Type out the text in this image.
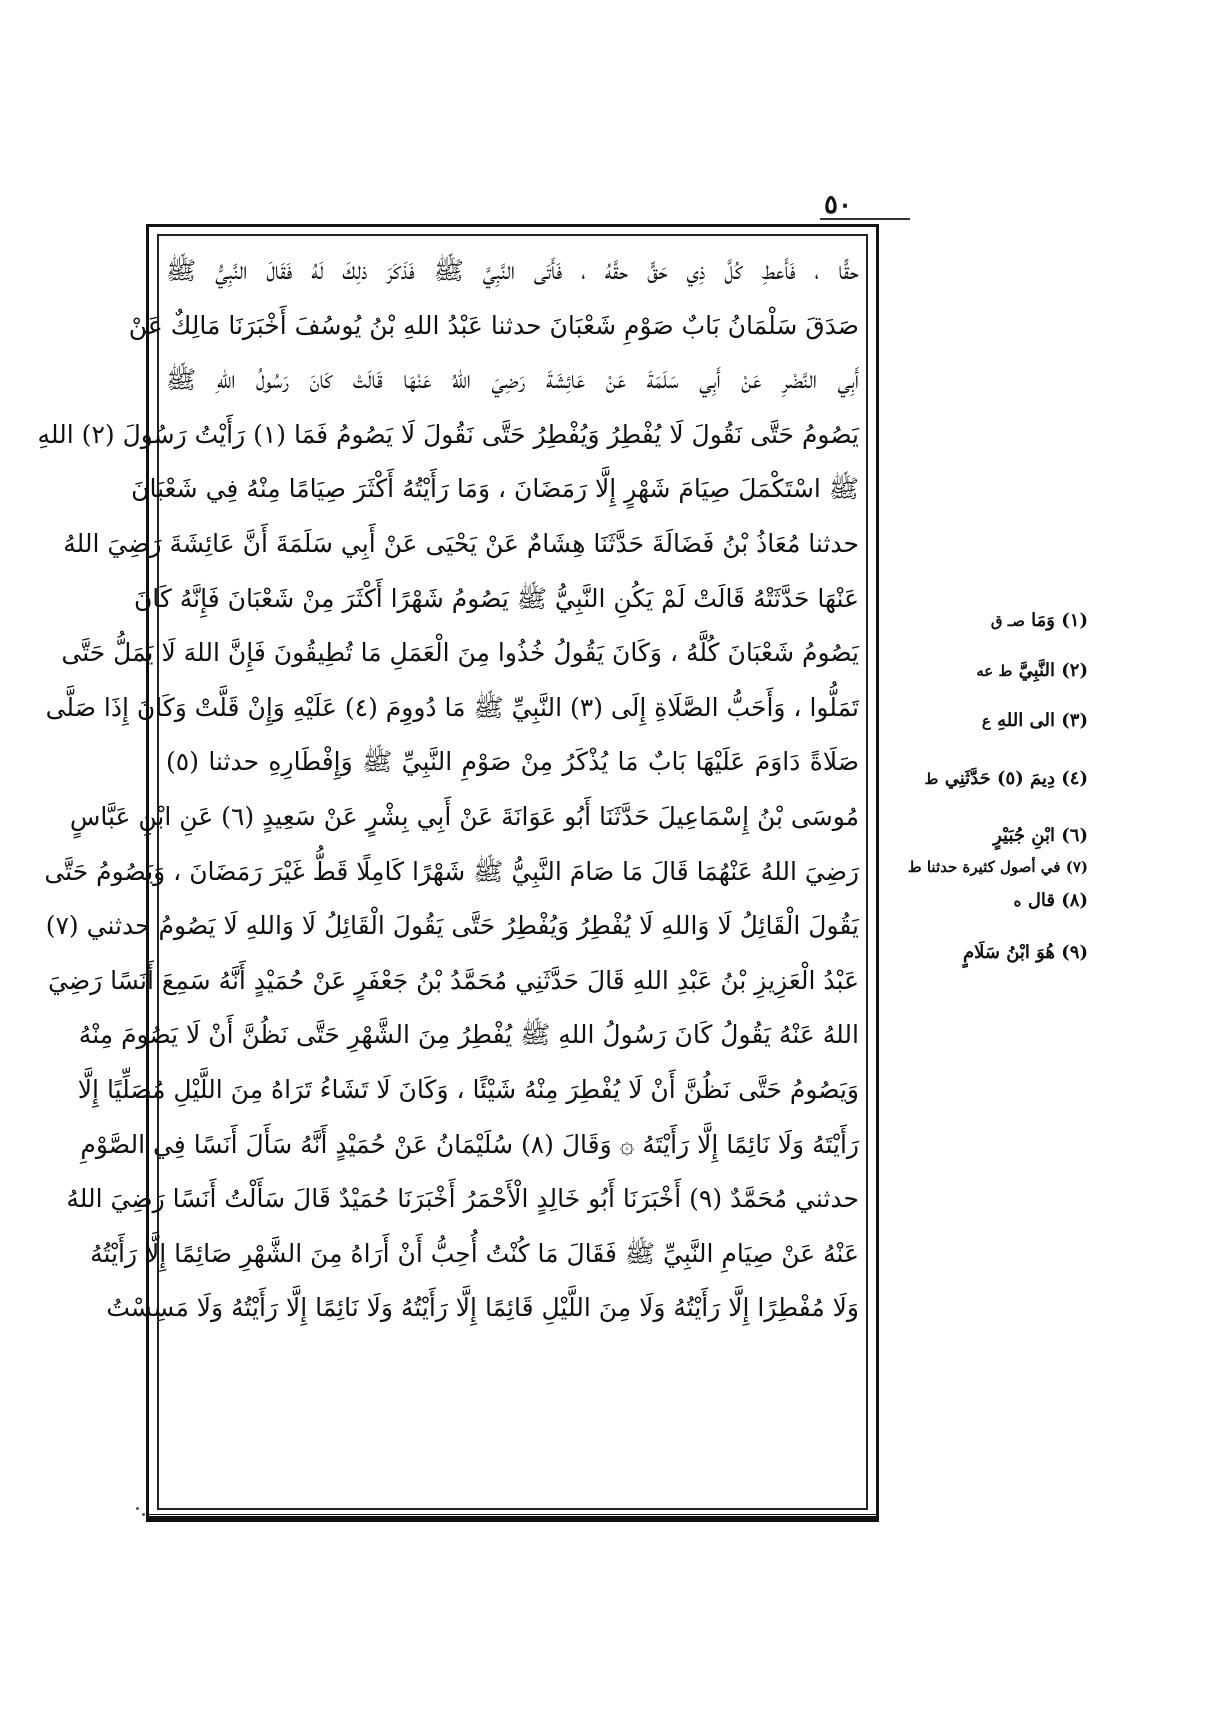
٥٠
حقًّا ، فَأَعطِ كُلَّ ذِي حَقٍّ حقَّهُ ، فَأَتَى النَّبِيَّ ﷺ فَذَكَرَ ذلِكَ لَهُ فَقَالَ النَّبِيُّ ﷺ
صَدَقَ سَلْمَانُ بَابٌ صَوْمِ شَعْبَانَ حدثنا عَبْدُ اللهِ بْنُ يُوسُفَ أَخْبَرَنَا مَالِكٌ عَنْ
أَبِي النَّضْرِ عَنْ أَبِي سَلَمَةَ عَنْ عَائِشَةَ رَضِيَ اللهُ عَنْهَا قَالَتْ كَانَ رَسُولُ اللهِ ﷺ
يَصُومُ حَتَّى نَقُولَ لَا يُفْطِرُ وَيُفْطِرُ حَتَّى نَقُولَ لَا يَصُومُ فَمَا (١) رَأَيْتُ رَسُولَ (٢) اللهِ
ﷺ اسْتَكْمَلَ صِيَامَ شَهْرٍ إِلَّا رَمَضَانَ ، وَمَا رَأَيْتُهُ أَكْثَرَ صِيَامًا مِنْهُ فِي شَعْبَانَ
حدثنا مُعَاذُ بْنُ فَضَالَةَ حَدَّثَنَا هِشَامٌ عَنْ يَحْيَى عَنْ أَبِي سَلَمَةَ أَنَّ عَائِشَةَ رَضِيَ اللهُ
عَنْهَا حَدَّثَتْهُ قَالَتْ لَمْ يَكُنِ النَّبِيُّ ﷺ يَصُومُ شَهْرًا أَكْثَرَ مِنْ شَعْبَانَ فَإِنَّهُ كَانَ
يَصُومُ شَعْبَانَ كُلَّهُ ، وَكَانَ يَقُولُ خُذُوا مِنَ الْعَمَلِ مَا تُطِيقُونَ فَإِنَّ اللهَ لَا يَمَلُّ حَتَّى
تَمَلُّوا ، وَأَحَبُّ الصَّلَاةِ إِلَى (٣) النَّبِيِّ ﷺ مَا دُووِمَ (٤) عَلَيْهِ وَإِنْ قَلَّتْ وَكَانَ إِذَا صَلَّى
صَلَاةً دَاوَمَ عَلَيْهَا بَابٌ مَا يُذْكَرُ مِنْ صَوْمِ النَّبِيِّ ﷺ وَإِفْطَارِهِ حدثنا (٥)
مُوسَى بْنُ إِسْمَاعِيلَ حَدَّثَنَا أَبُو عَوَانَةَ عَنْ أَبِي بِشْرٍ عَنْ سَعِيدٍ (٦) عَنِ ابْنِ عَبَّاسٍ
رَضِيَ اللهُ عَنْهُمَا قَالَ مَا صَامَ النَّبِيُّ ﷺ شَهْرًا كَامِلًا قَطُّ غَيْرَ رَمَضَانَ ، وَيَصُومُ حَتَّى
يَقُولَ الْقَائِلُ لَا وَاللهِ لَا يُفْطِرُ وَيُفْطِرُ حَتَّى يَقُولَ الْقَائِلُ لَا وَاللهِ لَا يَصُومُ حدثني (٧)
عَبْدُ الْعَزِيزِ بْنُ عَبْدِ اللهِ قَالَ حَدَّثَنِي مُحَمَّدُ بْنُ جَعْفَرٍ عَنْ حُمَيْدٍ أَنَّهُ سَمِعَ أَنَسًا رَضِيَ
اللهُ عَنْهُ يَقُولُ كَانَ رَسُولُ اللهِ ﷺ يُفْطِرُ مِنَ الشَّهْرِ حَتَّى نَظُنَّ أَنْ لَا يَصُومَ مِنْهُ
وَيَصُومُ حَتَّى نَظُنَّ أَنْ لَا يُفْطِرَ مِنْهُ شَيْئًا ، وَكَانَ لَا تَشَاءُ تَرَاهُ مِنَ اللَّيْلِ مُصَلِّيًا إِلَّا
رَأَيْتَهُ وَلَا نَائِمًا إِلَّا رَأَيْتَهُ ۞ وَقَالَ (٨) سُلَيْمَانُ عَنْ حُمَيْدٍ أَنَّهُ سَأَلَ أَنَسًا فِي الصَّوْمِ
حدثني مُحَمَّدٌ (٩) أَخْبَرَنَا أَبُو خَالِدٍ الْأَحْمَرُ أَخْبَرَنَا حُمَيْدٌ قَالَ سَأَلْتُ أَنَسًا رَضِيَ اللهُ
عَنْهُ عَنْ صِيَامِ النَّبِيِّ ﷺ فَقَالَ مَا كُنْتُ أُحِبُّ أَنْ أَرَاهُ مِنَ الشَّهْرِ صَائِمًا إِلَّا رَأَيْتُهُ
وَلَا مُفْطِرًا إِلَّا رَأَيْتُهُ وَلَا مِنَ اللَّيْلِ قَائِمًا إِلَّا رَأَيْتُهُ وَلَا نَائِمًا إِلَّا رَأَيْتُهُ وَلَا مَسِسْتُ
(١) وَمَا صـ ق
(٢) النَّبِيَّ ط عه
(٣) الى اللهِ ع
(٤) دِيمَ (٥) حَدَّثَنِي ط
(٦) ابْنِ جُبَيْرٍ
(٧) في أصول كثيرة حدثنا ط
(٨) قال ه
(٩) هُوَ ابْنُ سَلَامٍ
